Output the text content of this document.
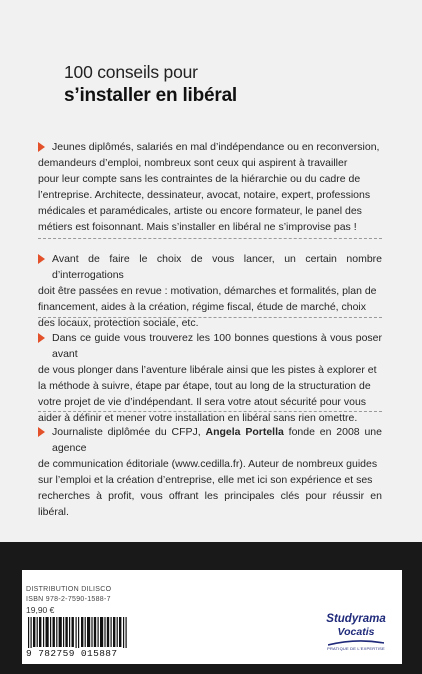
100 conseils pour
s’installer en libéral
Jeunes diplômés, salariés en mal d’indépendance ou en reconversion,
demandeurs d’emploi, nombreux sont ceux qui aspirent à travailler
pour leur compte sans les contraintes de la hiérarchie ou du cadre de
l’entreprise. Architecte, dessinateur, avocat, notaire, expert, professions
médicales et paramédicales, artiste ou encore formateur, le panel des
métiers est foisonnant. Mais s’installer en libéral ne s’improvise pas !
Avant de faire le choix de vous lancer, un certain nombre d’interrogations
doit être passées en revue : motivation, démarches et formalités, plan de
financement, aides à la création, régime fiscal, étude de marché, choix
des locaux, protection sociale, etc.
Dans ce guide vous trouverez les 100 bonnes questions à vous poser avant
de vous plonger dans l’aventure libérale ainsi que les pistes à explorer et
la méthode à suivre, étape par étape, tout au long de la structuration de
votre projet de vie d’indépendant. Il sera votre atout sécurité pour vous
aider à définir et mener votre installation en libéral sans rien omettre.
Journaliste diplômée du CFPJ, Angela Portella fonde en 2008 une agence
de communication éditoriale (www.cedilla.fr). Auteur de nombreux guides
sur l’emploi et la création d’entreprise, elle met ici son expérience et ses
recherches à profit, vous offrant les principales clés pour réussir en libéral.
DISTRIBUTION DILISCO
ISBN 978-2-7590-1588-7
19,90 €
9 782759 015887
Studyrama
Vocatis
PRATIQUE DE L’EXPERTISE
